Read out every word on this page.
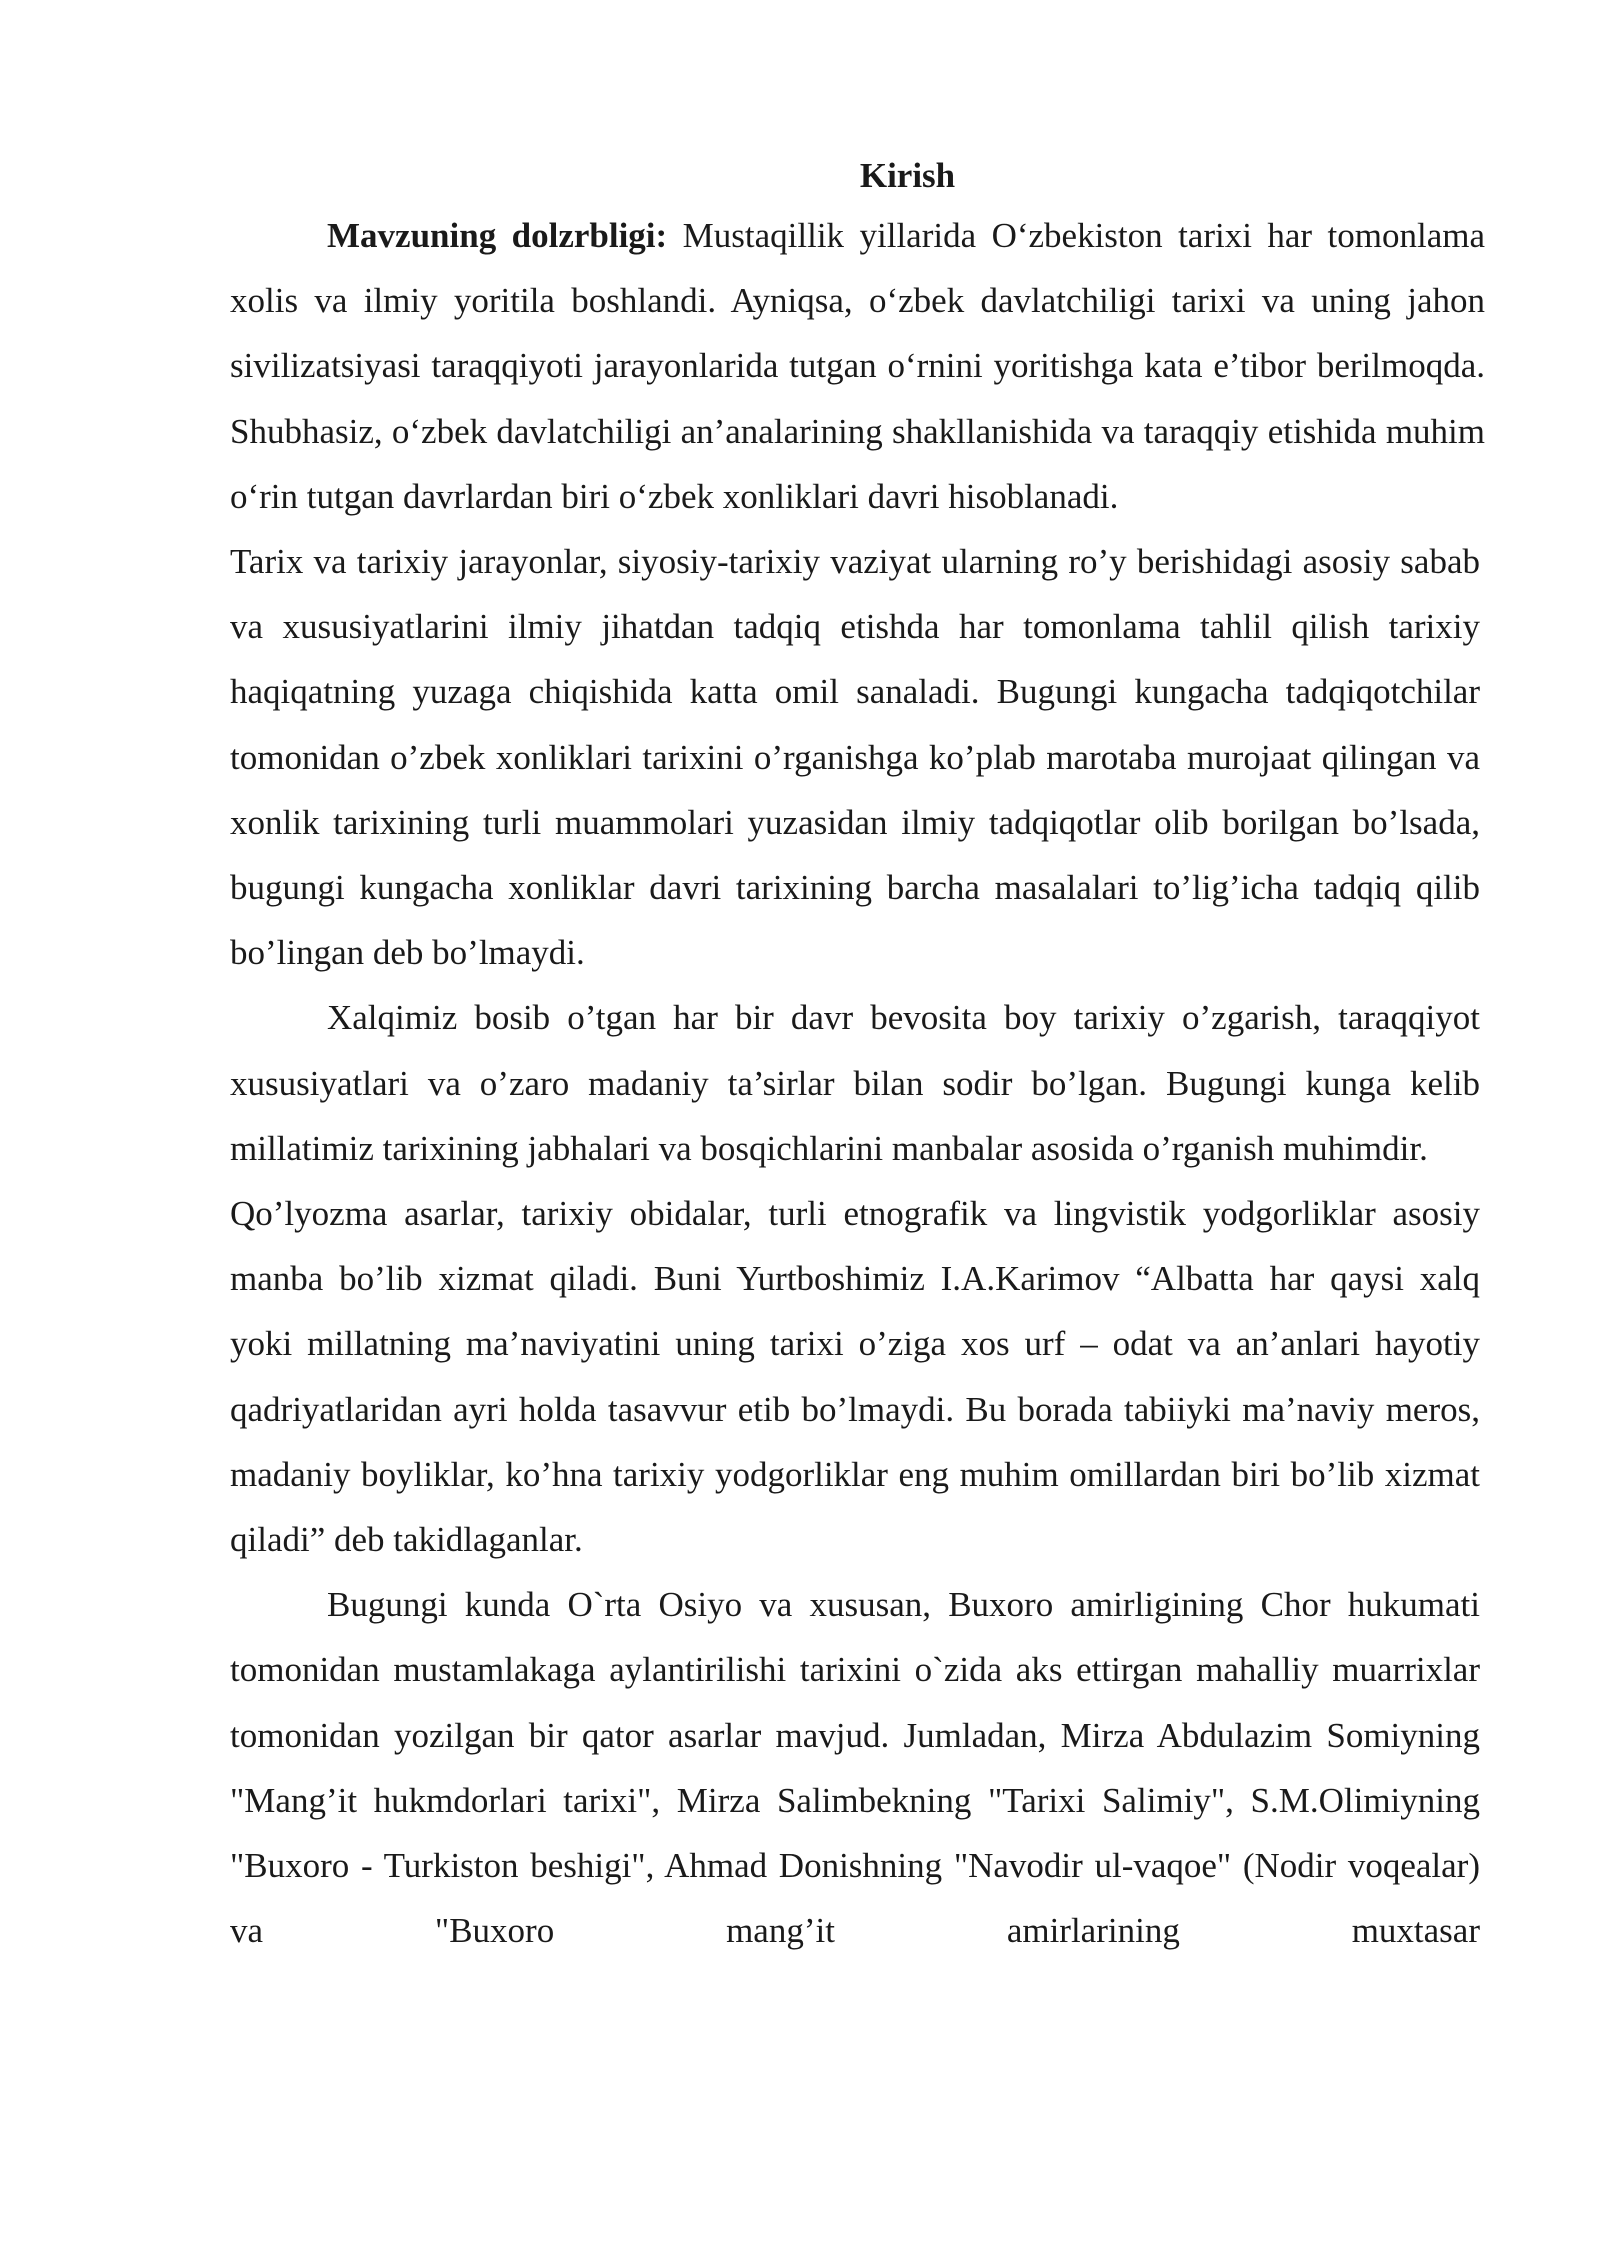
Kirish

Mavzuning dolzrbligi: Mustaqillik yillarida O‘zbekiston tarixi har tomonlama xolis va ilmiy yoritila boshlandi. Ayniqsa, o‘zbek davlatchiligi tarixi va uning jahon sivilizatsiyasi taraqqiyoti jarayonlarida tutgan o‘rnini yoritishga kata e’tibor berilmoqda. Shubhasiz, o‘zbek davlatchiligi an’analarining shakllanishida va taraqqiy etishida muhim o‘rin tutgan davrlardan biri o‘zbek xonliklari davri hisoblanadi.

Tarix va tarixiy jarayonlar, siyosiy-tarixiy vaziyat ularning ro’y berishidagi asosiy sabab va xususiyatlarini ilmiy jihatdan tadqiq etishda har tomonlama tahlil qilish tarixiy haqiqatning yuzaga chiqishida katta omil sanaladi. Bugungi kungacha tadqiqotchilar tomonidan o’zbek xonliklari tarixini o’rganishga ko’plab marotaba murojaat qilingan va xonlik tarixining turli muammolari yuzasidan ilmiy tadqiqotlar olib borilgan bo’lsada, bugungi kungacha xonliklar davri tarixining barcha masalalari to’lig’icha tadqiq qilib bo’lingan deb bo’lmaydi.

Xalqimiz bosib o’tgan har bir davr bevosita boy tarixiy o’zgarish, taraqqiyot xususiyatlari va o’zaro madaniy ta’sirlar bilan sodir bo’lgan. Bugungi kunga kelib millatimiz tarixining jabhalari va bosqichlarini manbalar asosida o’rganish muhimdir.

Qo’lyozma asarlar, tarixiy obidalar, turli etnografik va lingvistik yodgorliklar asosiy manba bo’lib xizmat qiladi. Buni Yurtboshimiz I.A.Karimov “Albatta har qaysi xalq yoki millatning ma’naviyatini uning tarixi o’ziga xos urf – odat va an’anlari hayotiy qadriyatlaridan ayri holda tasavvur etib bo’lmaydi. Bu borada tabiiyki ma’naviy meros, madaniy boyliklar, ko’hna tarixiy yodgorliklar eng muhim omillardan biri bo’lib xizmat qiladi” deb takidlaganlar.

Bugungi kunda O`rta Osiyo va xususan, Buxoro amirligining Chor hukumati tomonidan mustamlakaga aylantirilishi tarixini o`zida aks ettirgan mahalliy muarrixlar tomonidan yozilgan bir qator asarlar mavjud. Jumladan, Mirza Abdulazim Somiyning "Mang’it hukmdorlari tarixi", Mirza Salimbekning "Tarixi Salimiy", S.M.Olimiyning "Buxoro - Turkiston beshigi", Ahmad Donishning "Navodir ul-vaqoe" (Nodir voqealar) va "Buxoro mang’it amirlarining muxtasar
